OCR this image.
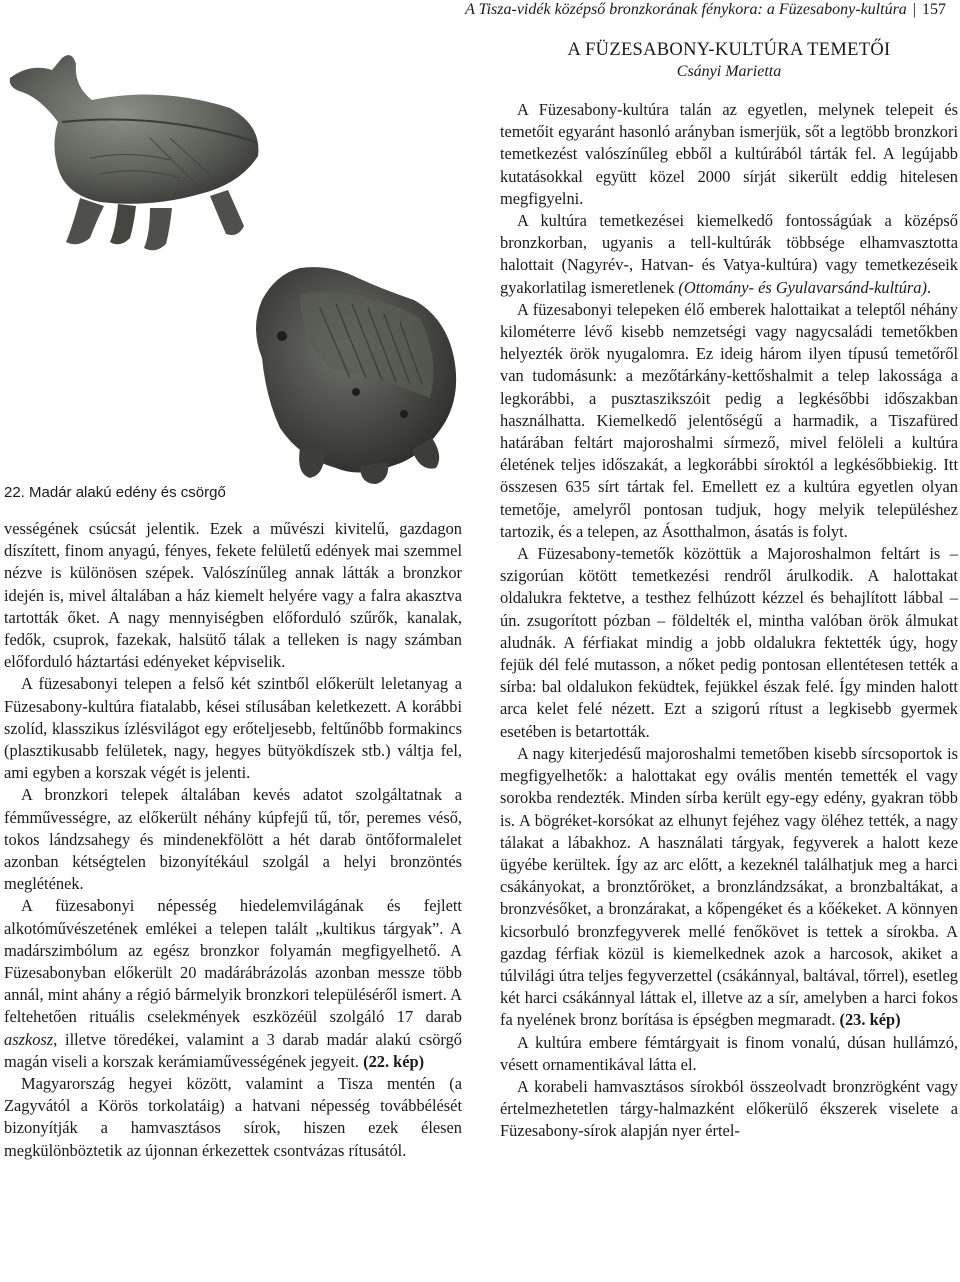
A Tisza-vidék középső bronzkorának fénykora: a Füzesabony-kultúra | 157
22. Madár alakú edény és csörgő
A FÜZESABONY-KULTÚRA TEMETŐI
Csányi Marietta

vességének csúcsát jelentik. Ezek a művészi kivitelű, gazdagon díszített, finom anyagú, fényes, fekete felületű edények mai szemmel nézve is különösen szépek. Valószínűleg annak látták a bronzkor idején is, mivel általában a ház kiemelt helyére vagy a falra akasztva tartották őket. A nagy mennyiségben előforduló szűrők, kanalak, fedők, csuprok, fazekak, halsütő tálak a telleken is nagy számban előforduló háztartási edényeket képviselik.

A füzesabonyi telepen a felső két szintből előkerült leletanyag a Füzesabony-kultúra fiatalabb, kései stílusában keletkezett. A korábbi szolíd, klasszikus ízlésvilágot egy erőteljesebb, feltűnőbb formakincs (plasztikusabb felületek, nagy, hegyes bütyökdíszek stb.) váltja fel, ami egyben a korszak végét is jelenti.

A bronzkori telepek általában kevés adatot szolgáltatnak a fémművességre, az előkerült néhány kúpfejű tű, tőr, peremes véső, tokos lándzsahegy és mindenekfölött a hét darab öntőformalelet azonban kétségtelen bizonyítékául szolgál a helyi bronzöntés meglétének.

A füzesabonyi népesség hiedelemvilágának és fejlett alkotóművészetének emlékei a telepen talált „kultikus tárgyak”. A madárszimbólum az egész bronzkor folyamán megfigyelhető. A Füzesabonyban előkerült 20 madárábrázolás azonban messze több annál, mint ahány a régió bármelyik bronzkori településéről ismert. A feltehetően rituális cselekmények eszközéül szolgáló 17 darab aszkosz, illetve töredékei, valamint a 3 darab madár alakú csörgő magán viseli a korszak kerámiaművességének jegyeit. (22. kép)

Magyarország hegyei között, valamint a Tisza mentén (a Zagyvától a Körös torkolatáig) a hatvani népesség továbbélését bizonyítják a hamvasztásos sírok, hiszen ezek élesen megkülönböztetik az újonnan érkezettek csontvázas rítusától.

A Füzesabony-kultúra talán az egyetlen, melynek telepeit és temetőit egyaránt hasonló arányban ismerjük, sőt a legtöbb bronzkori temetkezést valószínűleg ebből a kultúrából tárták fel. A legújabb kutatásokkal együtt közel 2000 sírját sikerült eddig hitelesen megfigyelni.

A kultúra temetkezései kiemelkedő fontosságúak a középső bronzkorban, ugyanis a tell-kultúrák többsége elhamvasztotta halottait (Nagyrév-, Hatvan- és Vatya-kultúra) vagy temetkezéseik gyakorlatilag ismeretlenek (Ottomány- és Gyulavarsánd-kultúra).

A füzesabonyi telepeken élő emberek halottaikat a teleptől néhány kilométerre lévő kisebb nemzetségi vagy nagycsaládi temetőkben helyezték örök nyugalomra. Ez ideig három ilyen típusú temetőről van tudomásunk: a mezőtárkány-kettőshalmit a telep lakossága a legkorábbi, a pusztaszikszóit pedig a legkésőbbi időszakban használhatta. Kiemelkedő jelentőségű a harmadik, a Tiszafüred határában feltárt majoroshalmi sírmező, mivel felöleli a kultúra életének teljes időszakát, a legkorábbi síroktól a legkésőbbiekig. Itt összesen 635 sírt tártak fel. Emellett ez a kultúra egyetlen olyan temetője, amelyről pontosan tudjuk, hogy melyik településhez tartozik, és a telepen, az Ásotthalmon, ásatás is folyt.

A Füzesabony-temetők közöttük a Majoroshalmon feltárt is – szigorúan kötött temetkezési rendről árulkodik. A halottakat oldalukra fektetve, a testhez felhúzott kézzel és behajlított lábbal – ún. zsugorított pózban – földelték el, mintha valóban örök álmukat aludnák. A férfiakat mindig a jobb oldalukra fektették úgy, hogy fejük dél felé mutasson, a nőket pedig pontosan ellentétesen tették a sírba: bal oldalukon feküdtek, fejükkel észak felé. Így minden halott arca kelet felé nézett. Ezt a szigorú rítust a legkisebb gyermek esetében is betartották.

A nagy kiterjedésű majoroshalmi temetőben kisebb sírcsoportok is megfigyelhetők: a halottakat egy ovális mentén temették el vagy sorokba rendezték. Minden sírba került egy-egy edény, gyakran több is. A bögréket-korsókat az elhunyt fejéhez vagy öléhez tették, a nagy tálakat a lábakhoz. A használati tárgyak, fegyverek a halott keze ügyébe kerültek. Így az arc előtt, a kezeknél találhatjuk meg a harci csákányokat, a bronztőröket, a bronzlándzsákat, a bronzbaltákat, a bronzvésőket, a bronzárakat, a kőpengéket és a kőékeket. A könnyen kicsorbuló bronzfegyverek mellé fenőkövet is tettek a sírokba. A gazdag férfiak közül is kiemelkednek azok a harcosok, akiket a túlvilági útra teljes fegyverzettel (csákánnyal, baltával, tőrrel), esetleg két harci csákánnyal láttak el, illetve az a sír, amelyben a harci fokos fa nyelének bronz borítása is épségben megmaradt. (23. kép)

A kultúra embere fémtárgyait is finom vonalú, dúsan hullámzó, vésett ornamentikával látta el.

A korabeli hamvasztásos sírokból összeolvadt bronzrögként vagy értelmezhetetlen tárgy-halmazként előkerülő ékszerek viselete a Füzesabony-sírok alapján nyer értel-
